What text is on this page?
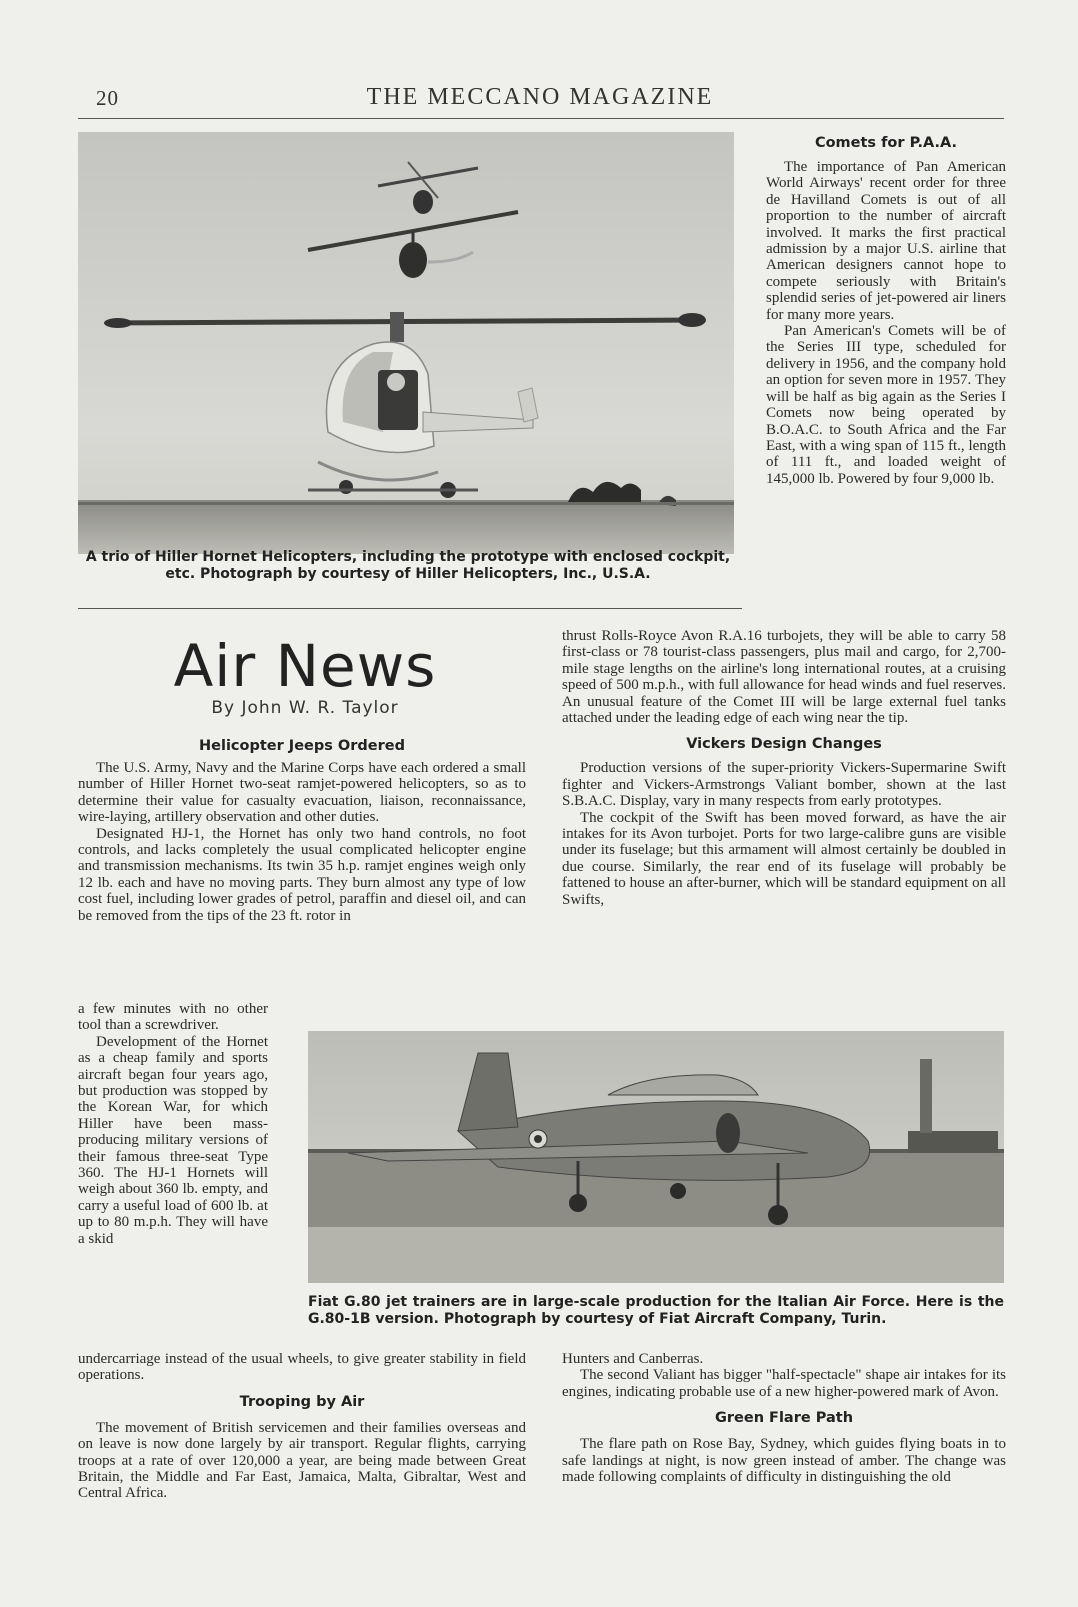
20	THE MECCANO MAGAZINE
A trio of Hiller Hornet Helicopters, including the prototype with enclosed cockpit, etc. Photograph by courtesy of Hiller Helicopters, Inc., U.S.A.
Comets for P.A.A.

The importance of Pan American World Airways' recent order for three de Havilland Comets is out of all proportion to the number of aircraft involved. It marks the first practical admission by a major U.S. airline that American designers cannot hope to compete seriously with Britain's splendid series of jet-powered air liners for many more years.

Pan American's Comets will be of the Series III type, scheduled for delivery in 1956, and the company hold an option for seven more in 1957. They will be half as big again as the Series I Comets now being operated by B.O.A.C. to South Africa and the Far East, with a wing span of 115 ft., length of 111 ft., and loaded weight of 145,000 lb. Powered by four 9,000 lb.

thrust Rolls-Royce Avon R.A.16 turbojets, they will be able to carry 58 first-class or 78 tourist-class passengers, plus mail and cargo, for 2,700-mile stage lengths on the airline's long international routes, at a cruising speed of 500 m.p.h., with full allowance for head winds and fuel reserves. An unusual feature of the Comet III will be large external fuel tanks attached under the leading edge of each wing near the tip.

Vickers Design Changes

Production versions of the super-priority Vickers-Supermarine Swift fighter and Vickers-Armstrongs Valiant bomber, shown at the last S.B.A.C. Display, vary in many respects from early prototypes.

The cockpit of the Swift has been moved forward, as have the air intakes for its Avon turbojet. Ports for two large-calibre guns are visible under its fuselage; but this armament will almost certainly be doubled in due course. Similarly, the rear end of its fuselage will probably be fattened to house an after-burner, which will be standard equipment on all Swifts,

Air News
By John W. R. Taylor
Helicopter Jeeps Ordered

The U.S. Army, Navy and the Marine Corps have each ordered a small number of Hiller Hornet two-seat ramjet-powered helicopters, so as to determine their value for casualty evacuation, liaison, reconnaissance, wire-laying, artillery observation and other duties.

Designated HJ-1, the Hornet has only two hand controls, no foot controls, and lacks completely the usual complicated helicopter engine and transmission mechanisms. Its twin 35 h.p. ramjet engines weigh only 12 lb. each and have no moving parts. They burn almost any type of low cost fuel, including lower grades of petrol, paraffin and diesel oil, and can be removed from the tips of the 23 ft. rotor in

a few minutes with no other tool than a screwdriver.

Development of the Hornet as a cheap family and sports aircraft began four years ago, but production was stopped by the Korean War, for which Hiller have been mass-producing military versions of their famous three-seat Type 360. The HJ-1 Hornets will weigh about 360 lb. empty, and carry a useful load of 600 lb. at up to 80 m.p.h. They will have a skid

Fiat G.80 jet trainers are in large-scale production for the Italian Air Force. Here is the G.80-1B version. Photograph by courtesy of Fiat Aircraft Company, Turin.

undercarriage instead of the usual wheels, to give greater stability in field operations.

Trooping by Air

The movement of British servicemen and their families overseas and on leave is now done largely by air transport. Regular flights, carrying troops at a rate of over 120,000 a year, are being made between Great Britain, the Middle and Far East, Jamaica, Malta, Gibraltar, West and Central Africa.

Hunters and Canberras.

The second Valiant has bigger "half-spectacle" shape air intakes for its engines, indicating probable use of a new higher-powered mark of Avon.

Green Flare Path

The flare path on Rose Bay, Sydney, which guides flying boats in to safe landings at night, is now green instead of amber. The change was made following complaints of difficulty in distinguishing the old
